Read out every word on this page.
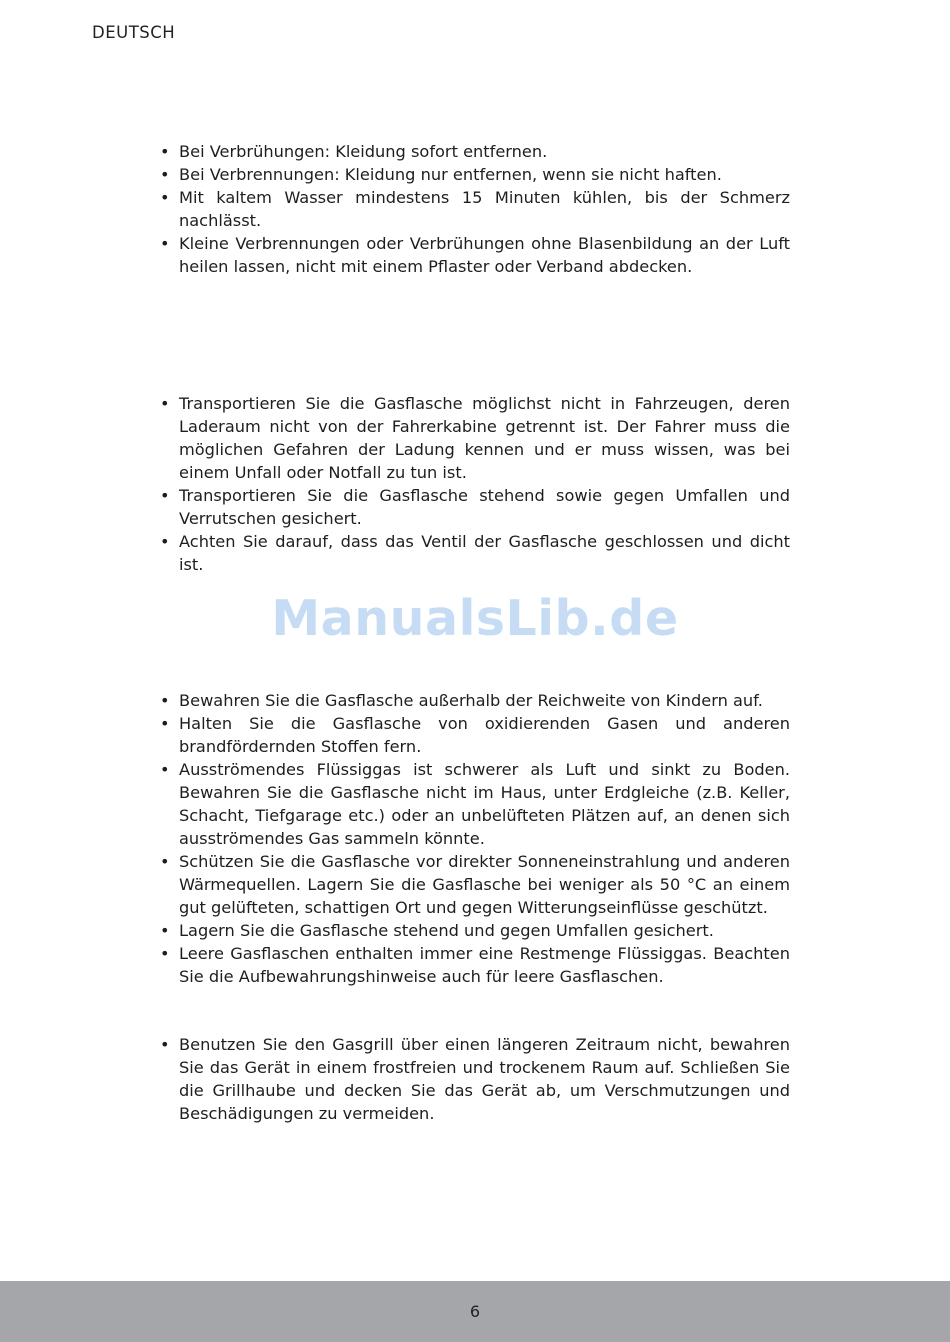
DEUTSCH
• Bei Verbrühungen: Kleidung sofort entfernen.
• Bei Verbrennungen: Kleidung nur entfernen, wenn sie nicht haften.
• Mit kaltem Wasser mindestens 15 Minuten kühlen, bis der Schmerz nachlässt.
• Kleine Verbrennungen oder Verbrühungen ohne Blasenbildung an der Luft heilen lassen, nicht mit einem Pflaster oder Verband abdecken.
• Transportieren Sie die Gasflasche möglichst nicht in Fahrzeugen, deren Laderaum nicht von der Fahrerkabine getrennt ist. Der Fahrer muss die möglichen Gefahren der Ladung kennen und er muss wissen, was bei einem Unfall oder Notfall zu tun ist.
• Transportieren Sie die Gasflasche stehend sowie gegen Umfallen und Verrutschen gesichert.
• Achten Sie darauf, dass das Ventil der Gasflasche geschlossen und dicht ist.
ManualsLib.de
• Bewahren Sie die Gasflasche außerhalb der Reichweite von Kindern auf.
• Halten Sie die Gasflasche von oxidierenden Gasen und anderen brandfördernden Stoffen fern.
• Ausströmendes Flüssiggas ist schwerer als Luft und sinkt zu Boden. Bewahren Sie die Gasflasche nicht im Haus, unter Erdgleiche (z.B. Keller, Schacht, Tiefgarage etc.) oder an unbelüfteten Plätzen auf, an denen sich ausströmendes Gas sammeln könnte.
• Schützen Sie die Gasflasche vor direkter Sonneneinstrahlung und anderen Wärmequellen. Lagern Sie die Gasflasche bei weniger als 50 °C an einem gut gelüfteten, schattigen Ort und gegen Witterungseinflüsse geschützt.
• Lagern Sie die Gasflasche stehend und gegen Umfallen gesichert.
• Leere Gasflaschen enthalten immer eine Restmenge Flüssiggas. Beachten Sie die Aufbewahrungshinweise auch für leere Gasflaschen.
• Benutzen Sie den Gasgrill über einen längeren Zeitraum nicht, bewahren Sie das Gerät in einem frostfreien und trockenem Raum auf. Schließen Sie die Grillhaube und decken Sie das Gerät ab, um Verschmutzungen und Beschädigungen zu vermeiden.
6
